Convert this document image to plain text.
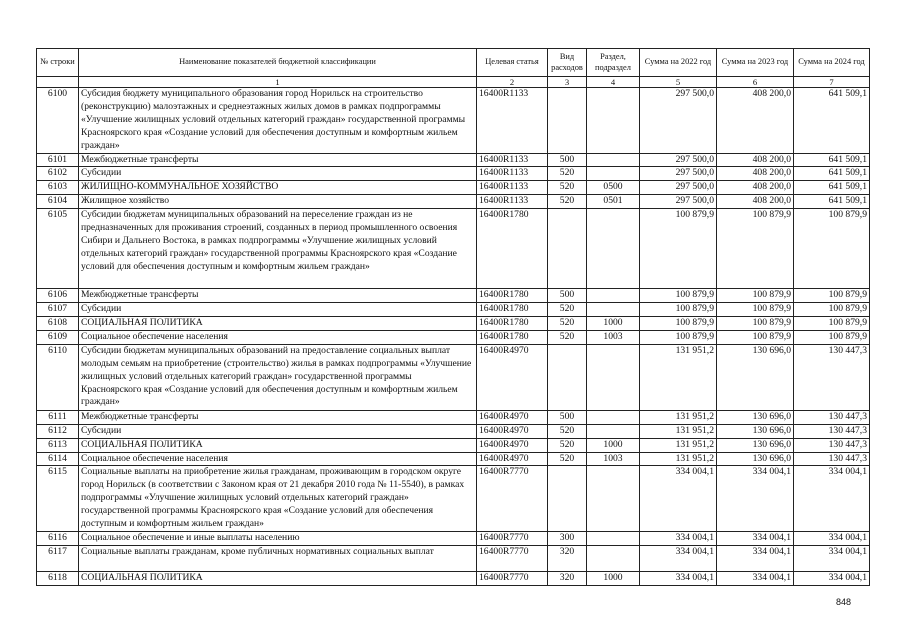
№ строки	Наименование показателей бюджетной классификации	Целевая статья	Вид расходов	Раздел, подраздел	Сумма на 2022 год	Сумма на 2023 год	Сумма на 2024 год
	1	2	3	4	5	6	7
6100	Субсидия бюджету муниципального образования город Норильск на строительство (реконструкцию) малоэтажных и среднеэтажных жилых домов в рамках подпрограммы «Улучшение жилищных условий отдельных категорий граждан» государственной программы Красноярского края «Создание условий для обеспечения доступным и комфортным жильем граждан»	16400R1133			297 500,0	408 200,0	641 509,1
6101	Межбюджетные трансферты	16400R1133	500		297 500,0	408 200,0	641 509,1
6102	Субсидии	16400R1133	520		297 500,0	408 200,0	641 509,1
6103	ЖИЛИЩНО-КОММУНАЛЬНОЕ ХОЗЯЙСТВО	16400R1133	520	0500	297 500,0	408 200,0	641 509,1
6104	Жилищное хозяйство	16400R1133	520	0501	297 500,0	408 200,0	641 509,1
6105	Субсидии бюджетам муниципальных образований на переселение граждан из не предназначенных для проживания строений, созданных в период промышленного освоения Сибири и Дальнего Востока, в рамках подпрограммы «Улучшение жилищных условий отдельных категорий граждан» государственной программы Красноярского края «Создание условий для обеспечения доступным и комфортным жильем граждан»	16400R1780			100 879,9	100 879,9	100 879,9
6106	Межбюджетные трансферты	16400R1780	500		100 879,9	100 879,9	100 879,9
6107	Субсидии	16400R1780	520		100 879,9	100 879,9	100 879,9
6108	СОЦИАЛЬНАЯ ПОЛИТИКА	16400R1780	520	1000	100 879,9	100 879,9	100 879,9
6109	Социальное обеспечение населения	16400R1780	520	1003	100 879,9	100 879,9	100 879,9
6110	Субсидии бюджетам муниципальных образований на предоставление социальных выплат молодым семьям на приобретение (строительство) жилья в рамках подпрограммы «Улучшение жилищных условий отдельных категорий граждан» государственной программы Красноярского края «Создание условий для обеспечения доступным и комфортным жильем граждан»	16400R4970			131 951,2	130 696,0	130 447,3
6111	Межбюджетные трансферты	16400R4970	500		131 951,2	130 696,0	130 447,3
6112	Субсидии	16400R4970	520		131 951,2	130 696,0	130 447,3
6113	СОЦИАЛЬНАЯ ПОЛИТИКА	16400R4970	520	1000	131 951,2	130 696,0	130 447,3
6114	Социальное обеспечение населения	16400R4970	520	1003	131 951,2	130 696,0	130 447,3
6115	Социальные выплаты на приобретение жилья гражданам, проживающим в городском округе город Норильск (в соответствии с Законом края от 21 декабря 2010 года № 11-5540), в рамках подпрограммы «Улучшение жилищных условий отдельных категорий граждан» государственной программы Красноярского края «Создание условий для обеспечения доступным и комфортным жильем граждан»	16400R7770			334 004,1	334 004,1	334 004,1
6116	Социальное обеспечение и иные выплаты населению	16400R7770	300		334 004,1	334 004,1	334 004,1
6117	Социальные выплаты гражданам, кроме публичных нормативных социальных выплат	16400R7770	320		334 004,1	334 004,1	334 004,1
6118	СОЦИАЛЬНАЯ ПОЛИТИКА	16400R7770	320	1000	334 004,1	334 004,1	334 004,1
848
